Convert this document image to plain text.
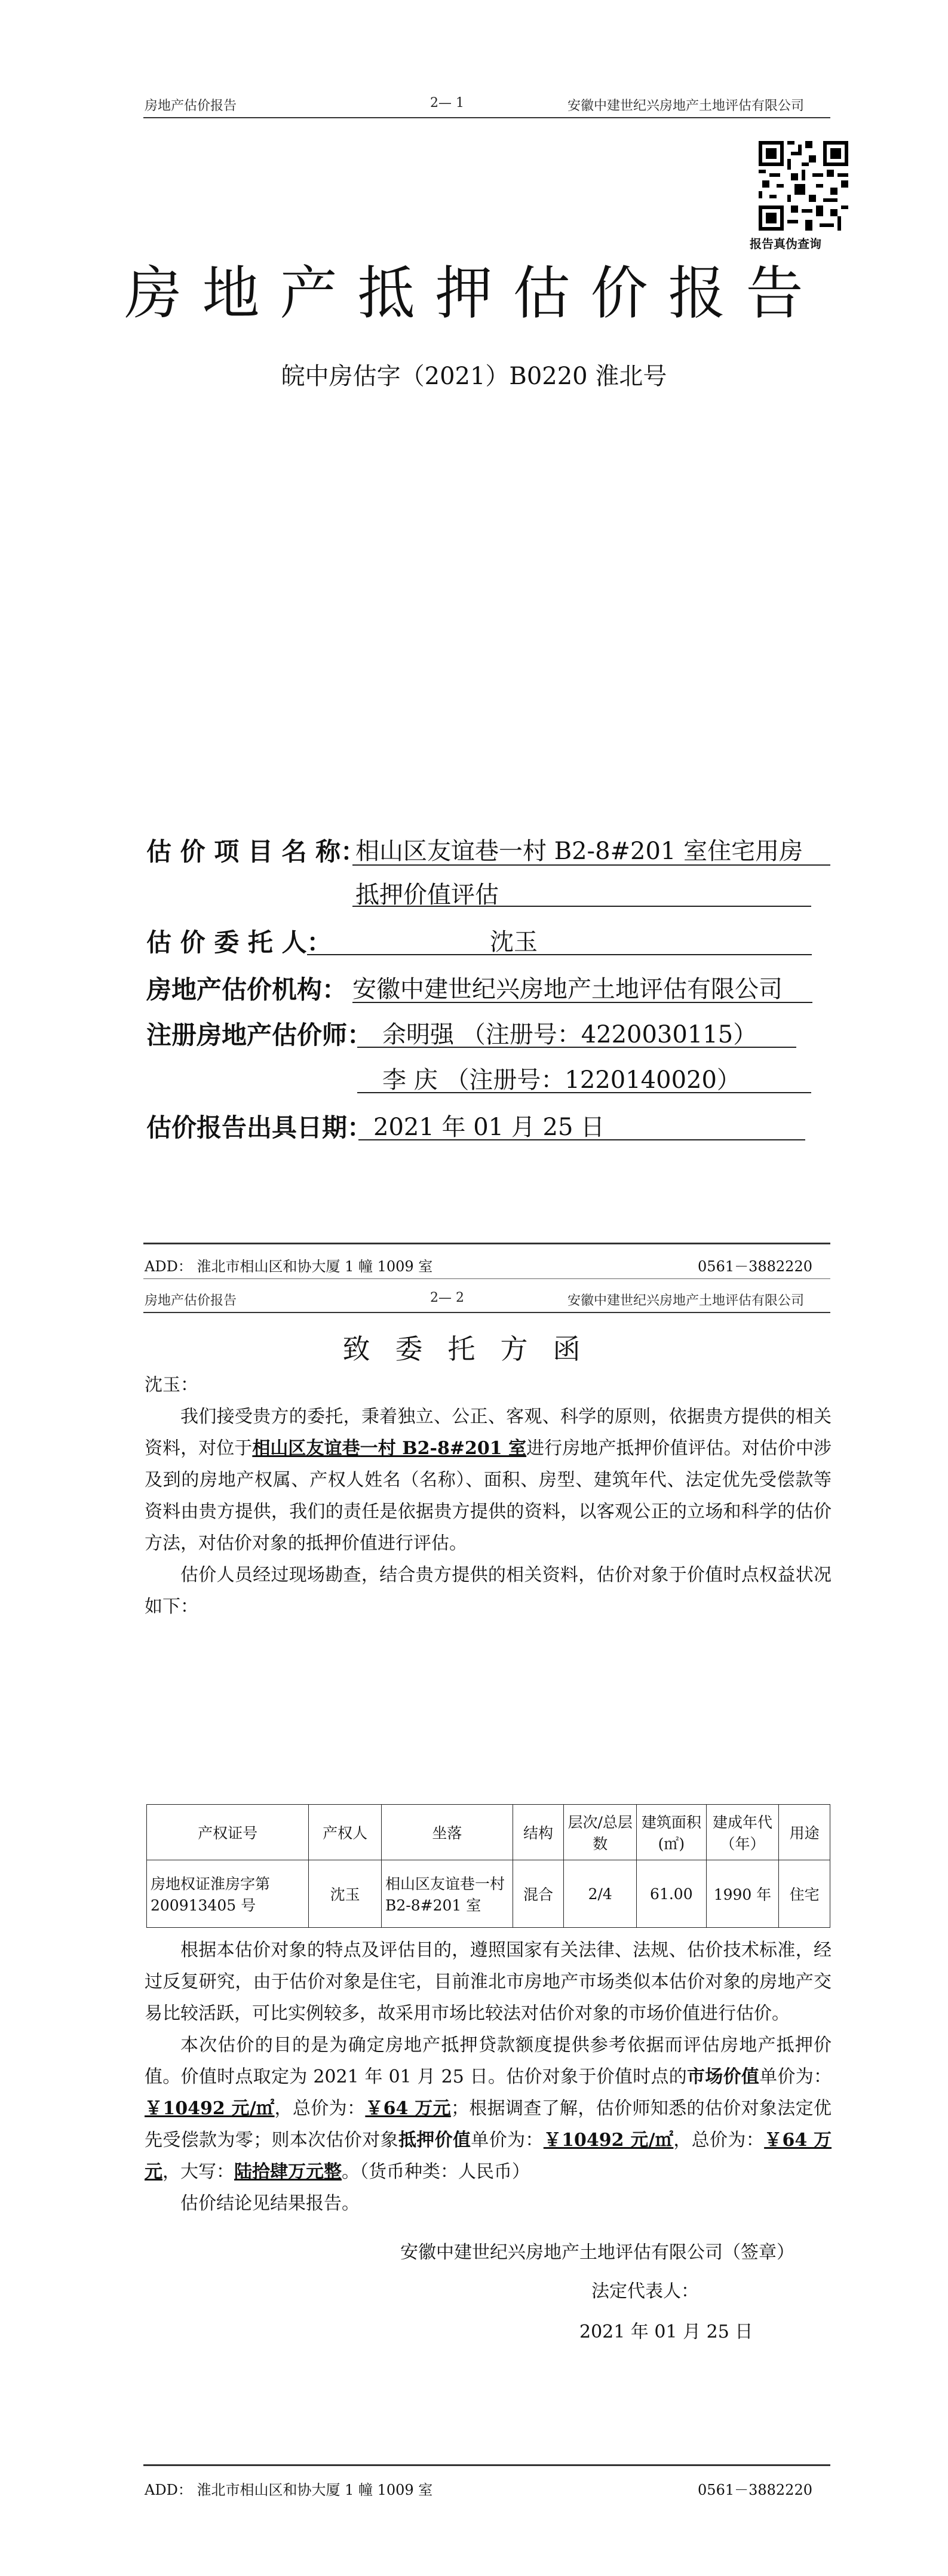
房地产估价报告	2— 1	安徽中建世纪兴房地产土地评估有限公司
报告真伪查询
房地产抵押估价报告
皖中房估字（2021）B0220 淮北号
估 价 项 目 名 称：
相山区友谊巷一村 B2-8#201 室住宅用房
抵押价值评估
估 价 委 托 人：	沈玉
房地产估价机构： 安徽中建世纪兴房地产土地评估有限公司
注册房地产估价师： 余明强 （注册号：4220030115）
李 庆 （注册号：1220140020）
估价报告出具日期： 2021 年 01 月 25 日
ADD： 淮北市相山区和协大厦 1 幢 1009 室	0561－3882220
房地产估价报告	2— 2	安徽中建世纪兴房地产土地评估有限公司
致委托方函

沈玉：

我们接受贵方的委托，秉着独立、公正、客观、科学的原则，依据贵方提供的相关资料，对位于相山区友谊巷一村 B2-8#201 室进行房地产抵押价值评估。对估价中涉及到的房地产权属、产权人姓名（名称）、面积、房型、建筑年代、法定优先受偿款等资料由贵方提供，我们的责任是依据贵方提供的资料，以客观公正的立场和科学的估价方法，对估价对象的抵押价值进行评估。

估价人员经过现场勘查，结合贵方提供的相关资料，估价对象于价值时点权益状况如下：

产权证号	产权人	坐落	结构	层次/总层数	建筑面积(㎡)	建成年代（年）	用途
房地权证淮房字第 200913405 号	沈玉	相山区友谊巷一村 B2-8#201 室	混合	2/4	61.00	1990 年	住宅

根据本估价对象的特点及评估目的，遵照国家有关法律、法规、估价技术标准，经过反复研究，由于估价对象是住宅，目前淮北市房地产市场类似本估价对象的房地产交易比较活跃，可比实例较多，故采用市场比较法对估价对象的市场价值进行估价。

本次估价的目的是为确定房地产抵押贷款额度提供参考依据而评估房地产抵押价值。价值时点取定为 2021 年 01 月 25 日。估价对象于价值时点的市场价值单价为：￥10492 元/㎡，总价为：￥64 万元；根据调查了解，估价师知悉的估价对象法定优先受偿款为零；则本次估价对象抵押价值单价为：￥10492 元/㎡，总价为：￥64 万元，大写：陆拾肆万元整。（货币种类：人民币）

估价结论见结果报告。

安徽中建世纪兴房地产土地评估有限公司（签章）
法定代表人：
2021 年 01 月 25 日
ADD： 淮北市相山区和协大厦 1 幢 1009 室	0561－3882220
